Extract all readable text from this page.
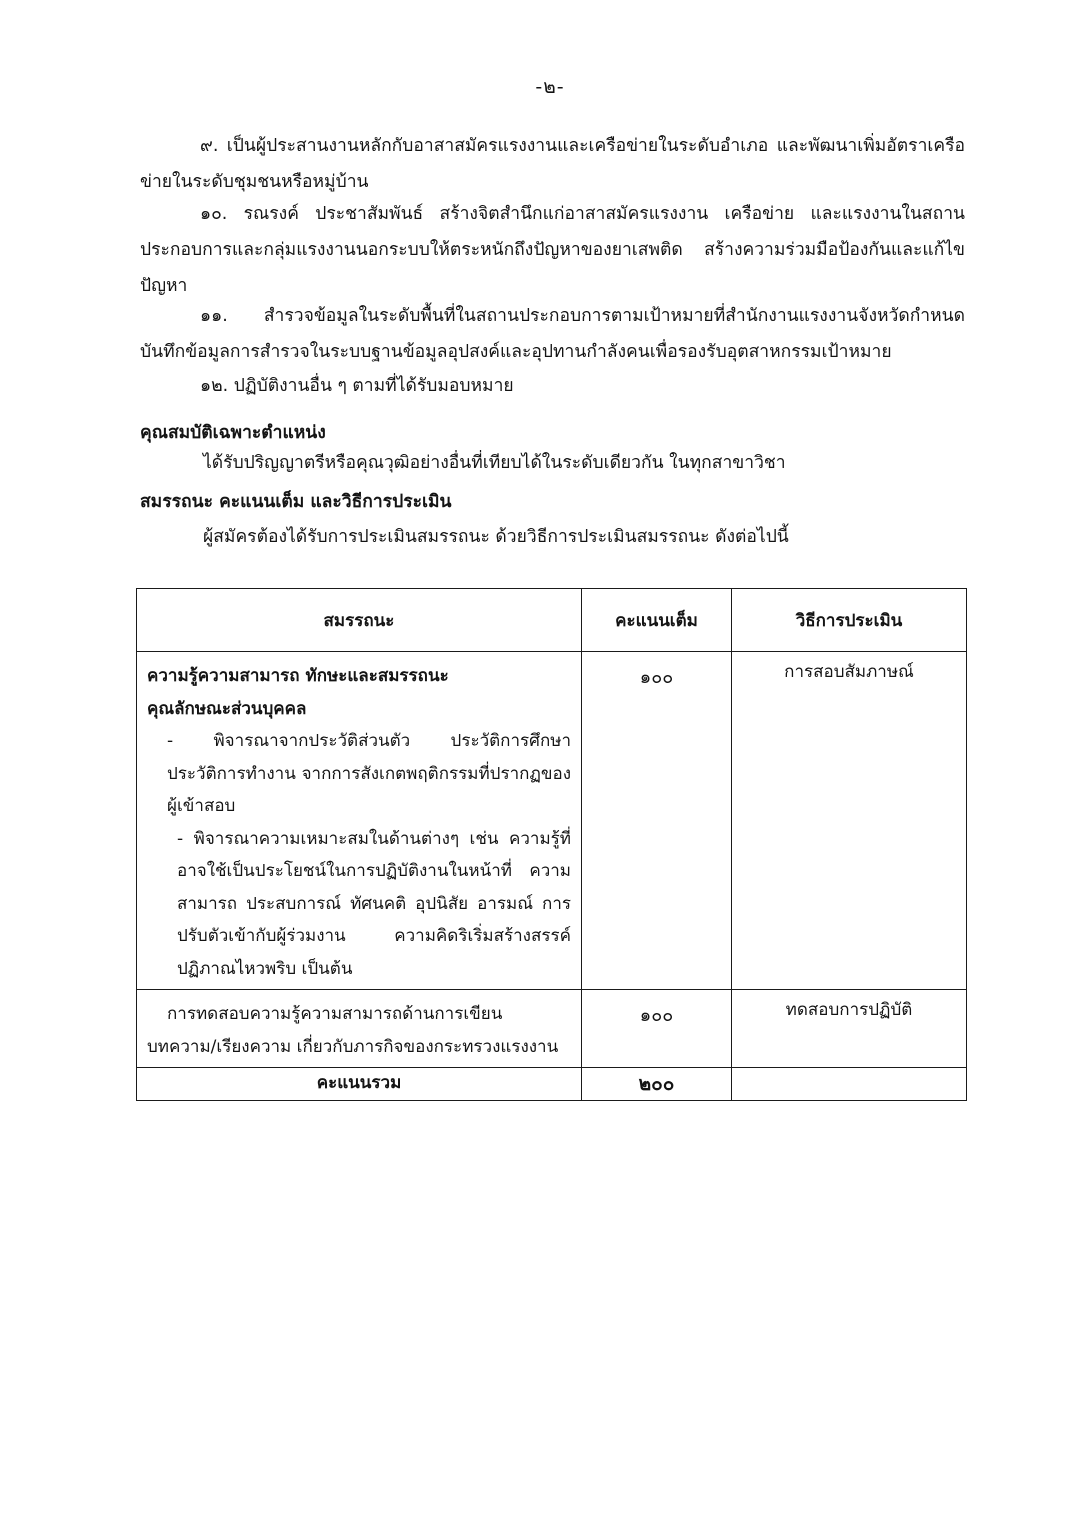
-๒-
๙. เป็นผู้ประสานงานหลักกับอาสาสมัครแรงงานและเครือข่ายในระดับอำเภอ และพัฒนาเพิ่มอัตราเครือข่ายในระดับชุมชนหรือหมู่บ้าน
๑๐. รณรงค์ ประชาสัมพันธ์ สร้างจิตสำนึกแก่อาสาสมัครแรงงาน เครือข่าย และแรงงานในสถานประกอบการและกลุ่มแรงงานนอกระบบให้ตระหนักถึงปัญหาของยาเสพติด สร้างความร่วมมือป้องกันและแก้ไขปัญหา
๑๑. สำรวจข้อมูลในระดับพื้นที่ในสถานประกอบการตามเป้าหมายที่สำนักงานแรงงานจังหวัดกำหนด บันทึกข้อมูลการสำรวจในระบบฐานข้อมูลอุปสงค์และอุปทานกำลังคนเพื่อรองรับอุตสาหกรรมเป้าหมาย
๑๒. ปฏิบัติงานอื่น ๆ ตามที่ได้รับมอบหมาย
คุณสมบัติเฉพาะตำแหน่ง
ได้รับปริญญาตรีหรือคุณวุฒิอย่างอื่นที่เทียบได้ในระดับเดียวกัน ในทุกสาขาวิชา
สมรรถนะ คะแนนเต็ม และวิธีการประเมิน
ผู้สมัครต้องได้รับการประเมินสมรรถนะ ด้วยวิธีการประเมินสมรรถนะ ดังต่อไปนี้
สมรรถนะ	คะแนนเต็ม	วิธีการประเมิน

ความรู้ความสามารถ ทักษะและสมรรถนะ
คุณลักษณะส่วนบุคคล
- พิจารณาจากประวัติส่วนตัว ประวัติการศึกษา ประวัติการทำงาน จากการสังเกตพฤติกรรมที่ปรากฏของผู้เข้าสอบ
- พิจารณาความเหมาะสมในด้านต่างๆ เช่น ความรู้ที่อาจใช้เป็นประโยชน์ในการปฏิบัติงานในหน้าที่ ความสามารถ ประสบการณ์ ทัศนคติ อุปนิสัย อารมณ์ การปรับตัวเข้ากับผู้ร่วมงาน ความคิดริเริ่มสร้างสรรค์ ปฏิภาณไหวพริบ เป็นต้น	๑๐๐	การสอบสัมภาษณ์

การทดสอบความรู้ความสามารถด้านการเขียนบทความ/เรียงความ เกี่ยวกับภารกิจของกระทรวงแรงงาน	๑๐๐	ทดสอบการปฏิบัติ
คะแนนรวม	๒๐๐	
